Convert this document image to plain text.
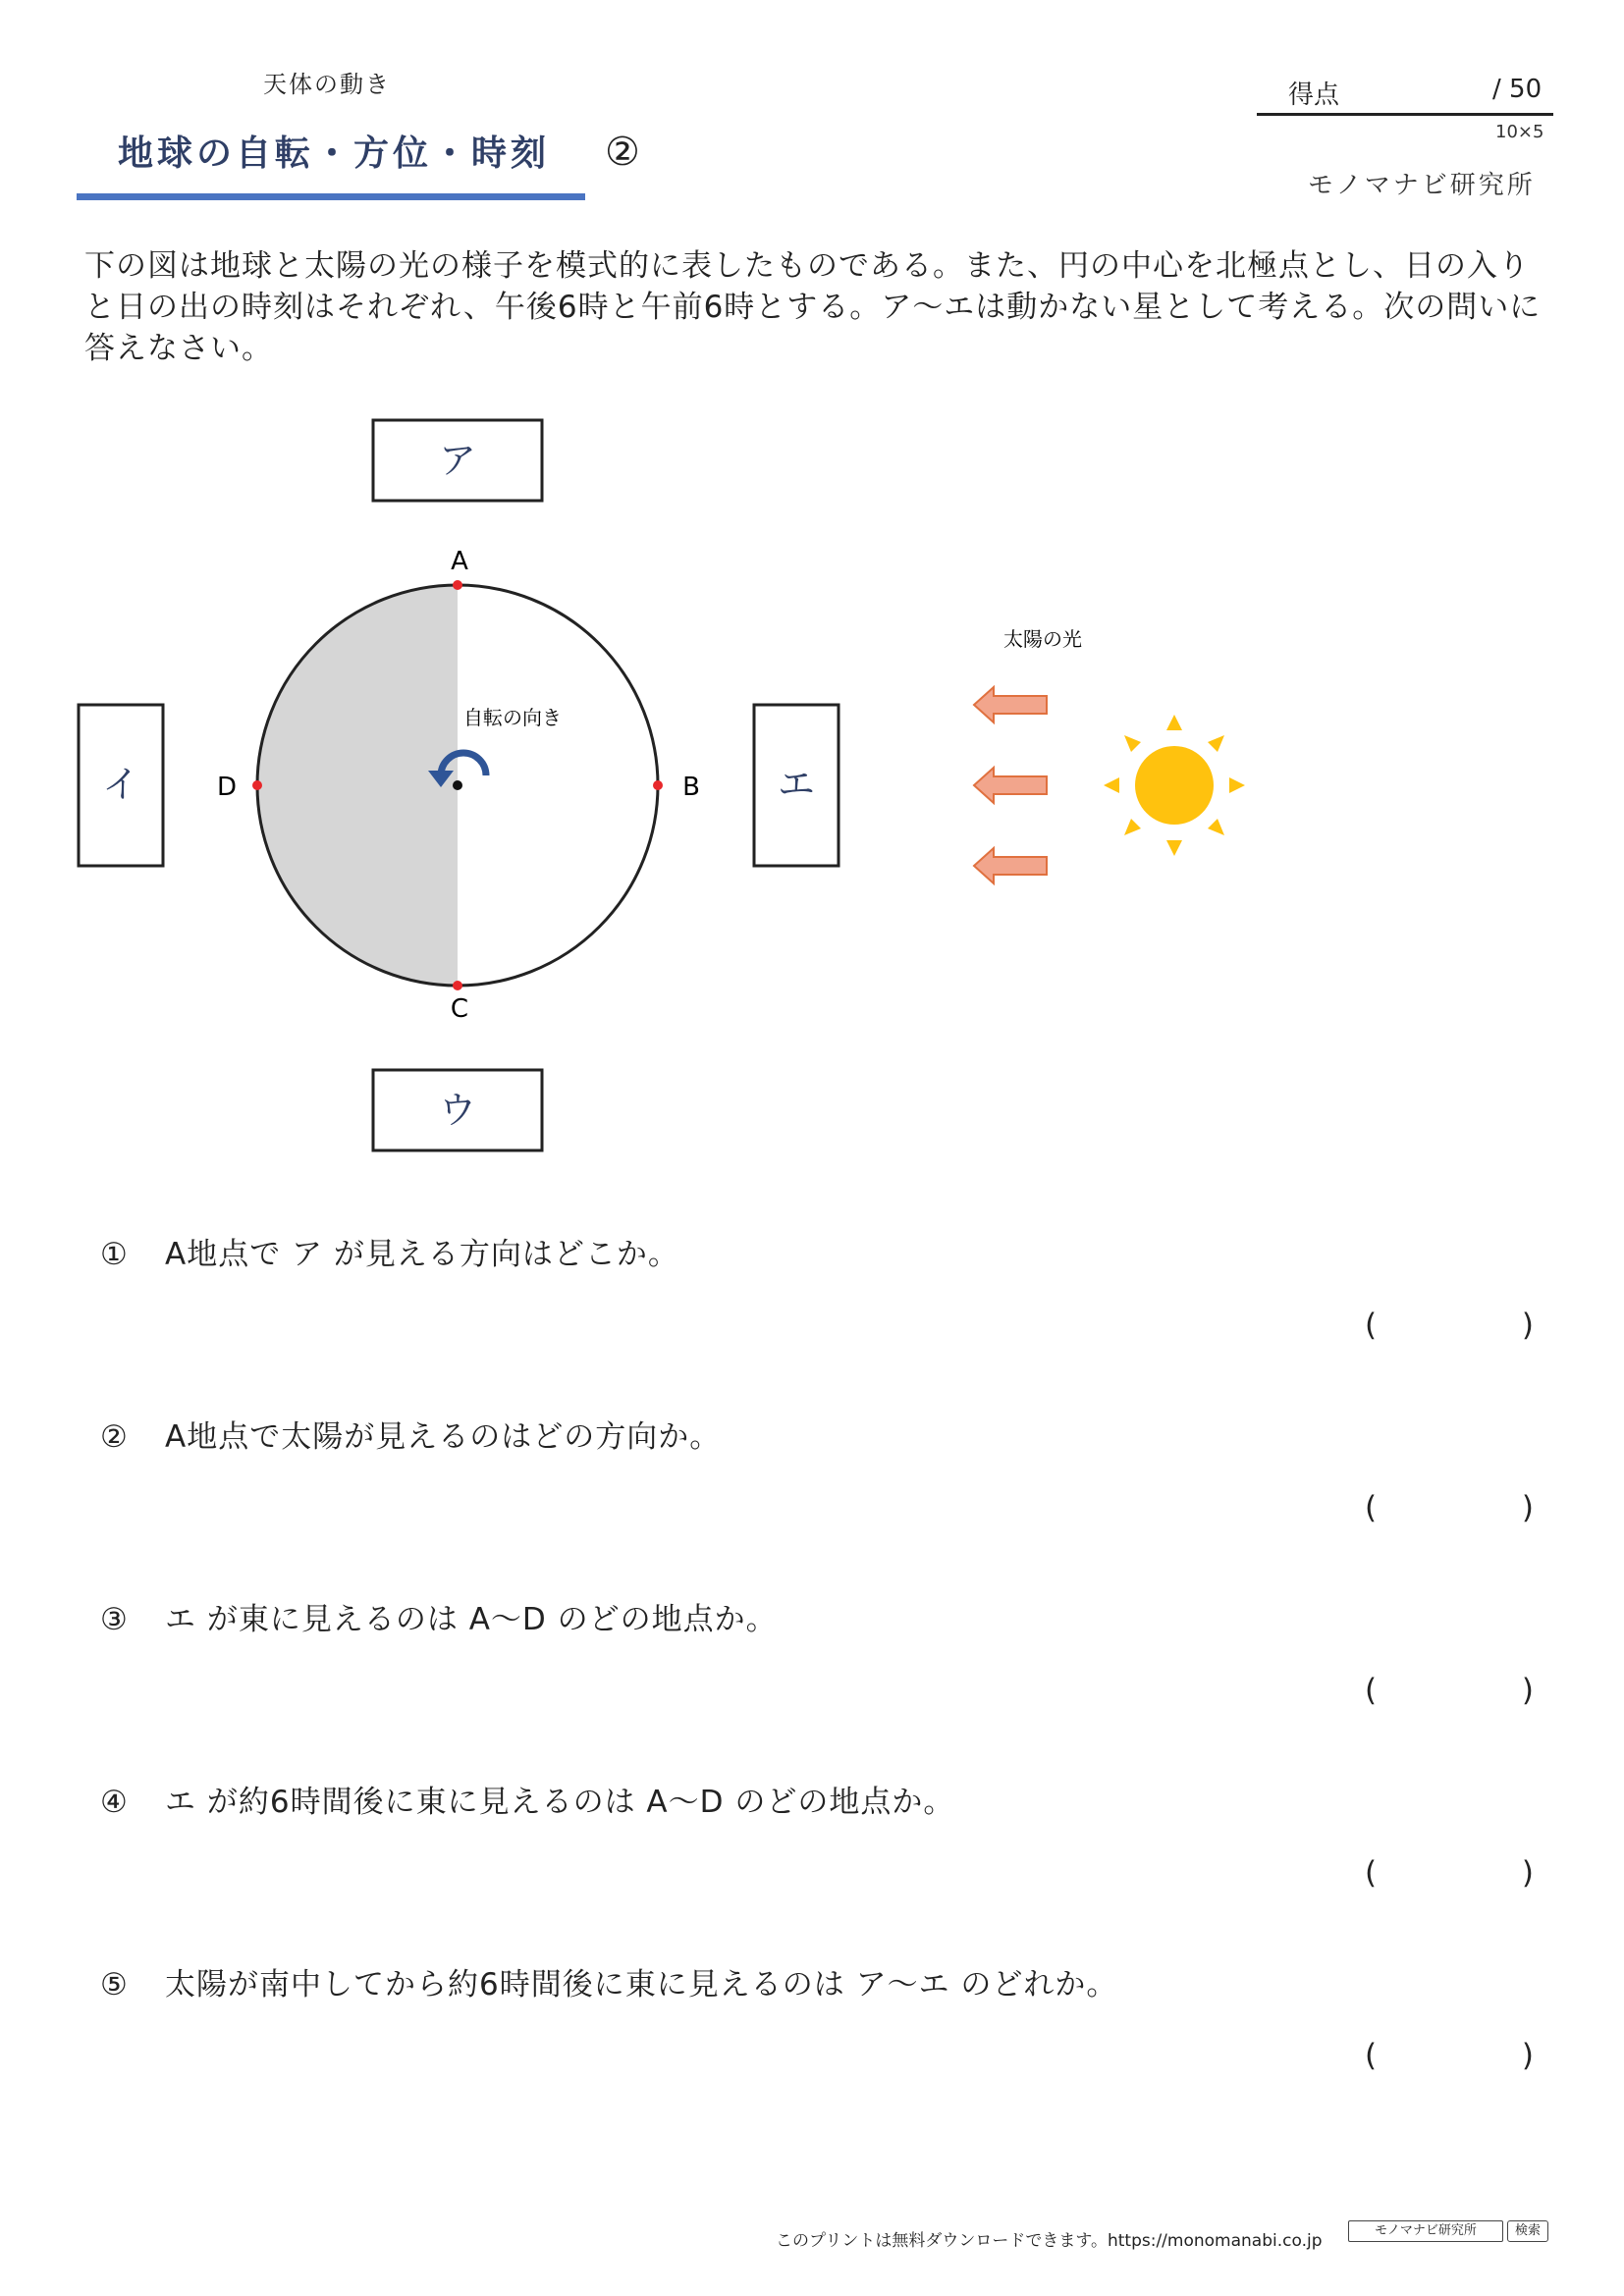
天体の動き
地球の自転・方位・時刻 ②
得点	/ 50
10×5
モノマナビ研究所
下の図は地球と太陽の光の様子を模式的に表したものである。また、円の中心を北極点とし、日の入りと日の出の時刻はそれぞれ、午後6時と午前6時とする。ア～エは動かない星として考える。次の問いに答えなさい。
ア
イ
ウ
エ
A
B
C
D
自転の向き
太陽の光
① A地点で ア が見える方向はどこか。
(	)
② A地点で太陽が見えるのはどの方向か。
(	)
③ エ が東に見えるのは A～D のどの地点か。
(	)
④ エ が約6時間後に東に見えるのは A～D のどの地点か。
(	)
⑤ 太陽が南中してから約6時間後に東に見えるのは ア～エ のどれか。
(	)
このプリントは無料ダウンロードできます。https://monomanabi.co.jp
モノマナビ研究所	検索
